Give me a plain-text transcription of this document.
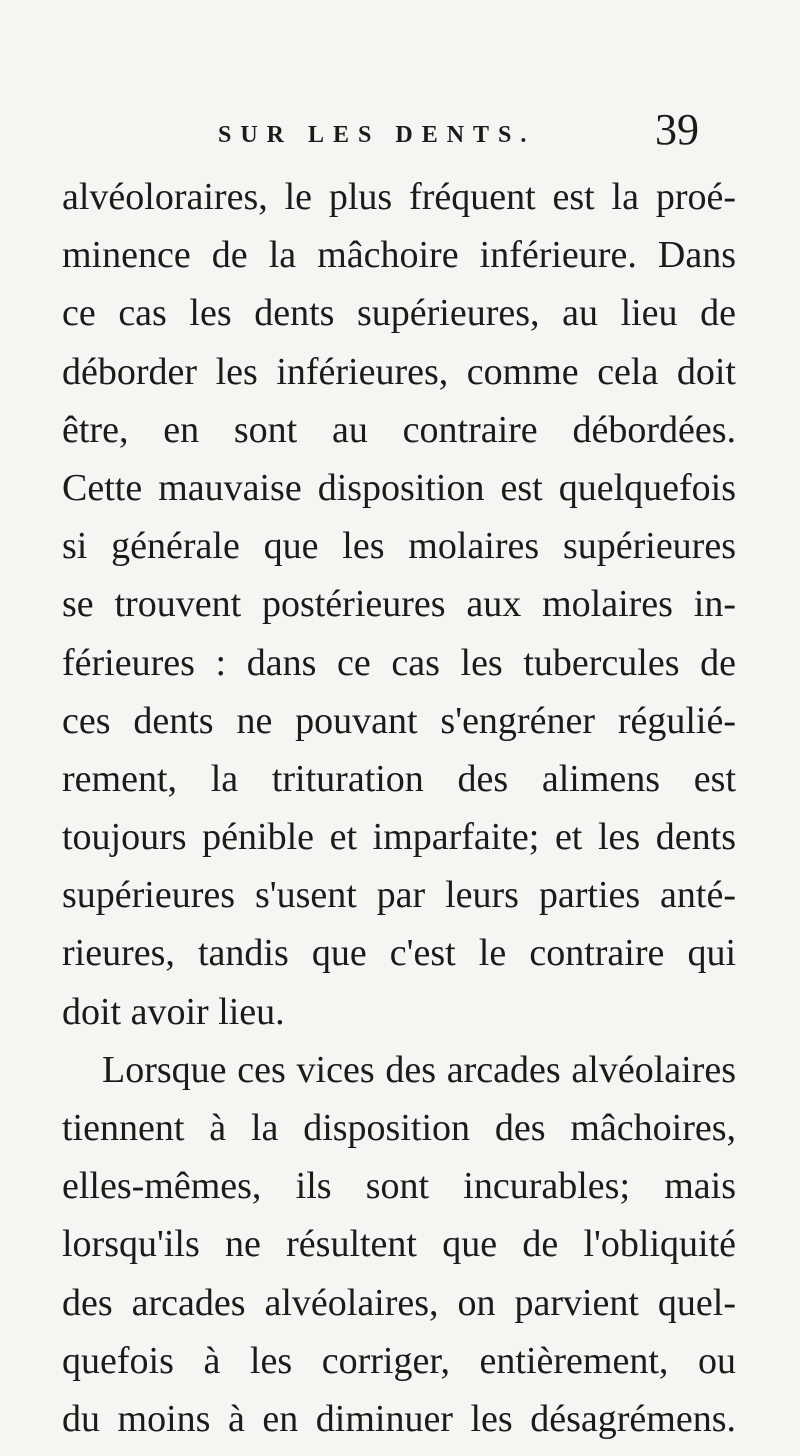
SUR LES DENTS.	39
alvéoloraires, le plus fréquent est la proé-
minence de la mâchoire inférieure. Dans
ce cas les dents supérieures, au lieu de
déborder les inférieures, comme cela doit
être, en sont au contraire débordées.
Cette mauvaise disposition est quelquefois
si générale que les molaires supérieures
se trouvent postérieures aux molaires in-
férieures : dans ce cas les tubercules de
ces dents ne pouvant s'engréner régulié-
rement, la trituration des alimens est
toujours pénible et imparfaite; et les dents
supérieures s'usent par leurs parties anté-
rieures, tandis que c'est le contraire qui
doit avoir lieu.
Lorsque ces vices des arcades alvéolaires
tiennent à la disposition des mâchoires,
elles-mêmes, ils sont incurables; mais
lorsqu'ils ne résultent que de l'obliquité
des arcades alvéolaires, on parvient quel-
quefois à les corriger, entièrement, ou
du moins à en diminuer les désagrémens.
